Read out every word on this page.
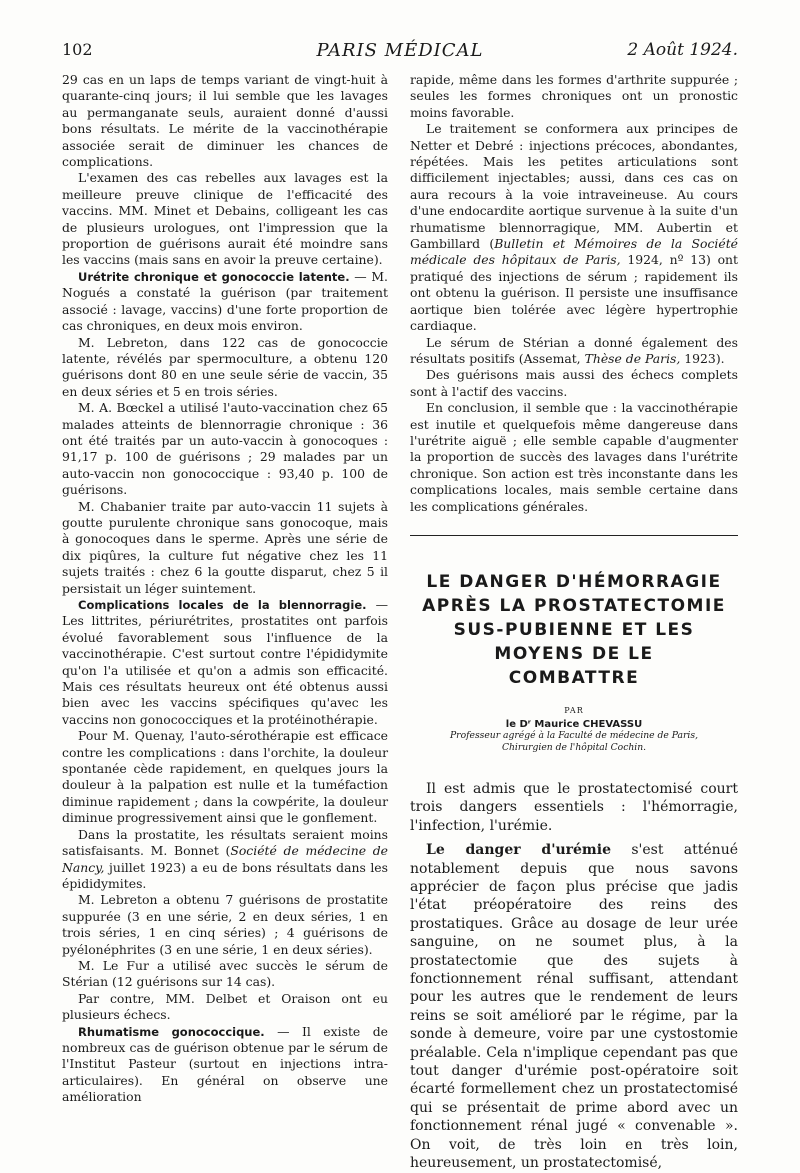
102	PARIS MÉDICAL	2 Août 1924.

29 cas en un laps de temps variant de vingt-huit à quarante-cinq jours; il lui semble que les lavages au permanganate seuls, auraient donné d'aussi bons résultats. Le mérite de la vaccinothérapie associée serait de diminuer les chances de complications.

L'examen des cas rebelles aux lavages est la meilleure preuve clinique de l'efficacité des vaccins. MM. Minet et Debains, colligeant les cas de plusieurs urologues, ont l'impression que la proportion de guérisons aurait été moindre sans les vaccins (mais sans en avoir la preuve certaine).

Urétrite chronique et gonococcie latente. — M. Nogués a constaté la guérison (par traitement associé : lavage, vaccins) d'une forte proportion de cas chroniques, en deux mois environ.

M. Lebreton, dans 122 cas de gonococcie latente, révélés par spermoculture, a obtenu 120 guérisons dont 80 en une seule série de vaccin, 35 en deux séries et 5 en trois séries.

M. A. Bœckel a utilisé l'auto-vaccination chez 65 malades atteints de blennorragie chronique : 36 ont été traités par un auto-vaccin à gonocoques : 91,17 p. 100 de guérisons ; 29 malades par un auto-vaccin non gonococcique : 93,40 p. 100 de guérisons.

M. Chabanier traite par auto-vaccin 11 sujets à goutte purulente chronique sans gonocoque, mais à gonocoques dans le sperme. Après une série de dix piqûres, la culture fut négative chez les 11 sujets traités : chez 6 la goutte disparut, chez 5 il persistait un léger suintement.

Complications locales de la blennorragie. — Les littrites, périurétrites, prostatites ont parfois évolué favorablement sous l'influence de la vaccinothérapie. C'est surtout contre l'épididymite qu'on l'a utilisée et qu'on a admis son efficacité. Mais ces résultats heureux ont été obtenus aussi bien avec les vaccins spécifiques qu'avec les vaccins non gonococciques et la protéinothérapie.

Pour M. Quenay, l'auto-sérothérapie est efficace contre les complications : dans l'orchite, la douleur spontanée cède rapidement, en quelques jours la douleur à la palpation est nulle et la tuméfaction diminue rapidement ; dans la cowpérite, la douleur diminue progressivement ainsi que le gonflement.

Dans la prostatite, les résultats seraient moins satisfaisants. M. Bonnet (Société de médecine de Nancy, juillet 1923) a eu de bons résultats dans les épididymites.

M. Lebreton a obtenu 7 guérisons de prostatite suppurée (3 en une série, 2 en deux séries, 1 en trois séries, 1 en cinq séries) ; 4 guérisons de pyélonéphrites (3 en une série, 1 en deux séries).

M. Le Fur a utilisé avec succès le sérum de Stérian (12 guérisons sur 14 cas).

Par contre, MM. Delbet et Oraison ont eu plusieurs échecs.

Rhumatisme gonococcique. — Il existe de nombreux cas de guérison obtenue par le sérum de l'Institut Pasteur (surtout en injections intra-articulaires). En général on observe une amélioration

rapide, même dans les formes d'arthrite suppurée ; seules les formes chroniques ont un pronostic moins favorable.

Le traitement se conformera aux principes de Netter et Debré : injections précoces, abondantes, répétées. Mais les petites articulations sont difficilement injectables; aussi, dans ces cas on aura recours à la voie intraveineuse. Au cours d'une endocardite aortique survenue à la suite d'un rhumatisme blennorragique, MM. Aubertin et Gambillard (Bulletin et Mémoires de la Société médicale des hôpitaux de Paris, 1924, nº 13) ont pratiqué des injections de sérum ; rapidement ils ont obtenu la guérison. Il persiste une insuffisance aortique bien tolérée avec légère hypertrophie cardiaque.

Le sérum de Stérian a donné également des résultats positifs (Assemat, Thèse de Paris, 1923).

Des guérisons mais aussi des échecs complets sont à l'actif des vaccins.

En conclusion, il semble que : la vaccinothérapie est inutile et quelquefois même dangereuse dans l'urétrite aiguë ; elle semble capable d'augmenter la proportion de succès des lavages dans l'urétrite chronique. Son action est très inconstante dans les complications locales, mais semble certaine dans les complications générales.

LE DANGER D'HÉMORRAGIE
APRÈS LA PROSTATECTOMIE
SUS-PUBIENNE ET LES
MOYENS DE LE
COMBATTRE
PAR
le Dʳ Maurice CHEVASSU
Professeur agrégé à la Faculté de médecine de Paris,
Chirurgien de l'hôpital Cochin.

Il est admis que le prostatectomisé court trois dangers essentiels : l'hémorragie, l'infection, l'urémie.

Le danger d'urémie s'est atténué notablement depuis que nous savons apprécier de façon plus précise que jadis l'état préopératoire des reins des prostatiques. Grâce au dosage de leur urée sanguine, on ne soumet plus, à la prostatectomie que des sujets à fonctionnement rénal suffisant, attendant pour les autres que le rendement de leurs reins se soit amélioré par le régime, par la sonde à demeure, voire par une cystostomie préalable. Cela n'implique cependant pas que tout danger d'urémie post-opératoire soit écarté formellement chez un prostatectomisé qui se présentait de prime abord avec un fonctionnement rénal jugé « convenable ». On voit, de très loin en très loin, heureusement, un prostatectomisé,
